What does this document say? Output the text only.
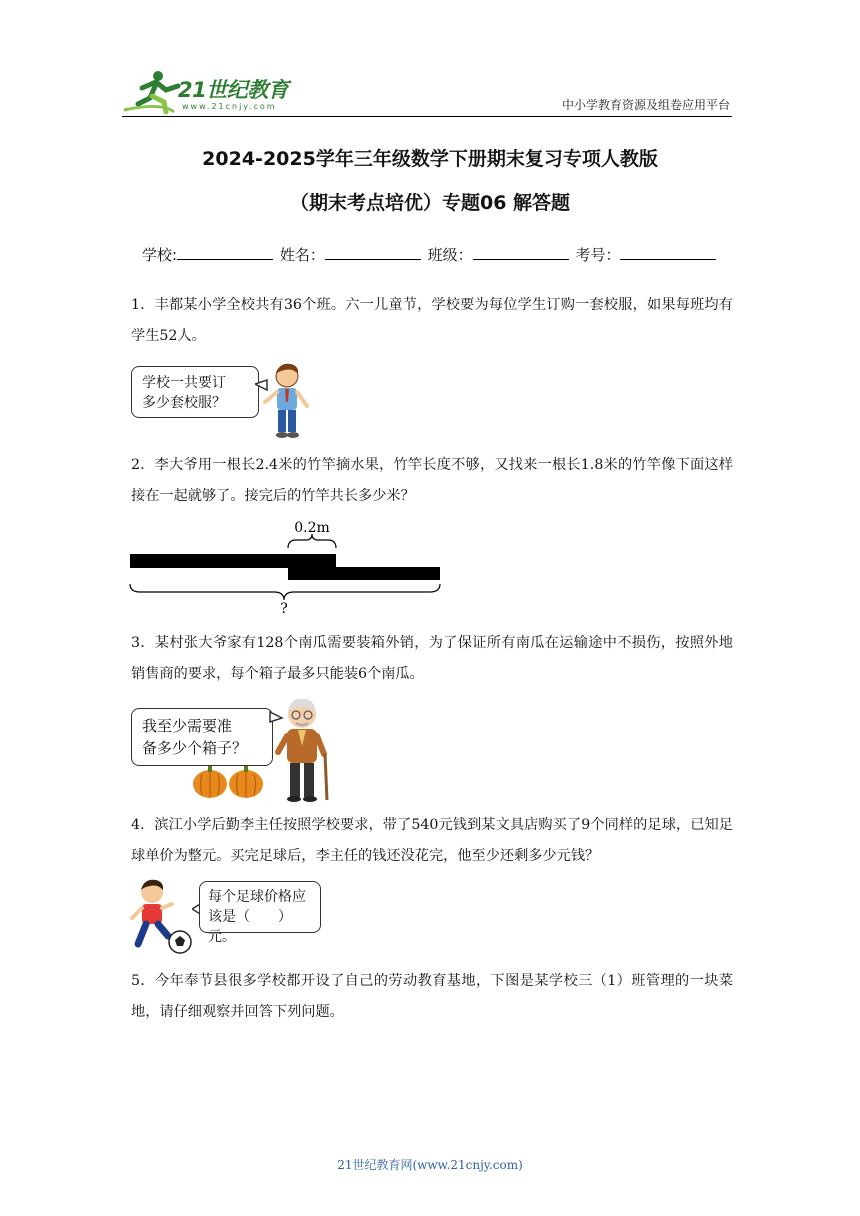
21世纪教育
www.21cnjy.com	中小学教育资源及组卷应用平台
2024-2025学年三年级数学下册期末复习专项人教版
（期末考点培优）专题06 解答题
学校:	姓名：	班级：	考号：
1．丰都某小学全校共有36个班。六一儿童节，学校要为每位学生订购一套校服，如果每班均有学生52人。
学校一共要订
多少套校服？
2．李大爷用一根长2.4米的竹竿摘水果，竹竿长度不够，又找来一根长1.8米的竹竿像下面这样接在一起就够了。接完后的竹竿共长多少米？
0.2m
?
3．某村张大爷家有128个南瓜需要装箱外销，为了保证所有南瓜在运输途中不损伤，按照外地销售商的要求，每个箱子最多只能装6个南瓜。
我至少需要准
备多少个箱子？
4．滨江小学后勤李主任按照学校要求，带了540元钱到某文具店购买了9个同样的足球，已知足球单价为整元。买完足球后，李主任的钱还没花完，他至少还剩多少元钱？
每个足球价格应
该是（　　）元。
5．今年奉节县很多学校都开设了自己的劳动教育基地，下图是某学校三（1）班管理的一块菜地，请仔细观察并回答下列问题。
21世纪教育网(www.21cnjy.com)
